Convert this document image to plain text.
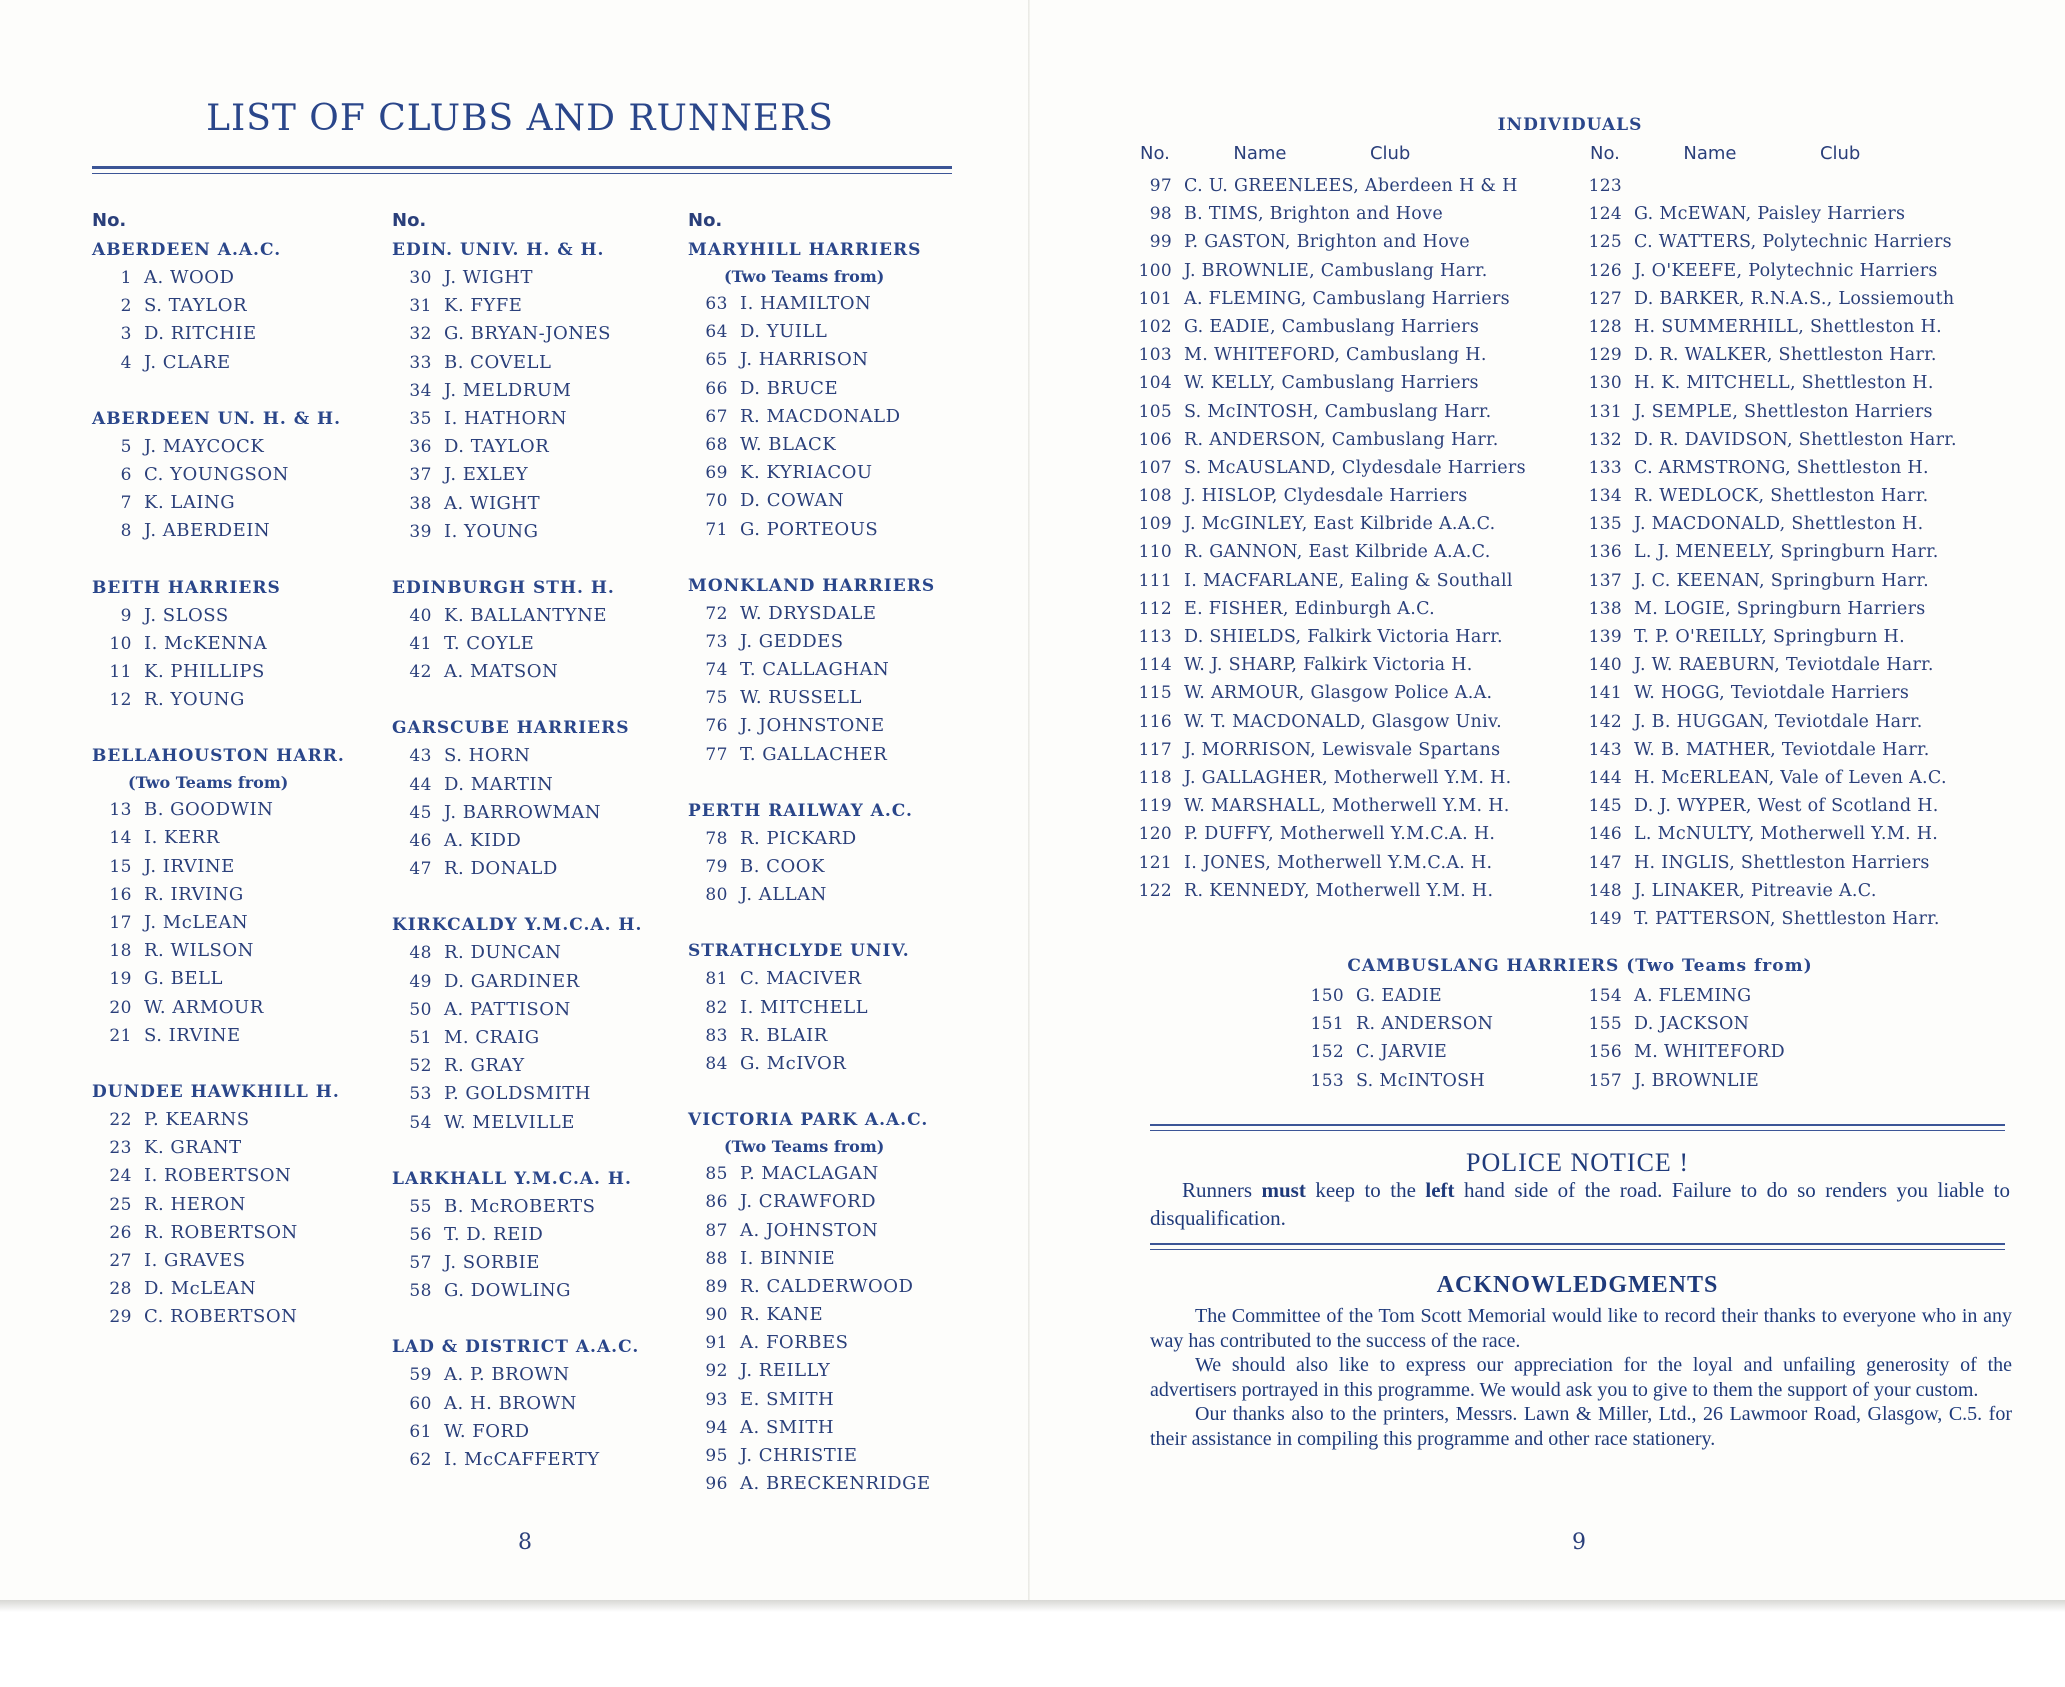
LIST OF CLUBS AND RUNNERS
No.
ABERDEEN A.A.C.
1 A. WOOD
2 S. TAYLOR
3 D. RITCHIE
4 J. CLARE
ABERDEEN UN. H. & H.
5 J. MAYCOCK
6 C. YOUNGSON
7 K. LAING
8 J. ABERDEIN
BEITH HARRIERS
9 J. SLOSS
10 I. McKENNA
11 K. PHILLIPS
12 R. YOUNG
BELLAHOUSTON HARR.
(Two Teams from)
13 B. GOODWIN
14 I. KERR
15 J. IRVINE
16 R. IRVING
17 J. McLEAN
18 R. WILSON
19 G. BELL
20 W. ARMOUR
21 S. IRVINE
DUNDEE HAWKHILL H.
22 P. KEARNS
23 K. GRANT
24 I. ROBERTSON
25 R. HERON
26 R. ROBERTSON
27 I. GRAVES
28 D. McLEAN
29 C. ROBERTSON
No.
EDIN. UNIV. H. & H.
30 J. WIGHT
31 K. FYFE
32 G. BRYAN-JONES
33 B. COVELL
34 J. MELDRUM
35 I. HATHORN
36 D. TAYLOR
37 J. EXLEY
38 A. WIGHT
39 I. YOUNG
EDINBURGH STH. H.
40 K. BALLANTYNE
41 T. COYLE
42 A. MATSON
GARSCUBE HARRIERS
43 S. HORN
44 D. MARTIN
45 J. BARROWMAN
46 A. KIDD
47 R. DONALD
KIRKCALDY Y.M.C.A. H.
48 R. DUNCAN
49 D. GARDINER
50 A. PATTISON
51 M. CRAIG
52 R. GRAY
53 P. GOLDSMITH
54 W. MELVILLE
LARKHALL Y.M.C.A. H.
55 B. McROBERTS
56 T. D. REID
57 J. SORBIE
58 G. DOWLING
LAD & DISTRICT A.A.C.
59 A. P. BROWN
60 A. H. BROWN
61 W. FORD
62 I. McCAFFERTY
No.
MARYHILL HARRIERS
(Two Teams from)
63 I. HAMILTON
64 D. YUILL
65 J. HARRISON
66 D. BRUCE
67 R. MACDONALD
68 W. BLACK
69 K. KYRIACOU
70 D. COWAN
71 G. PORTEOUS
MONKLAND HARRIERS
72 W. DRYSDALE
73 J. GEDDES
74 T. CALLAGHAN
75 W. RUSSELL
76 J. JOHNSTONE
77 T. GALLACHER
PERTH RAILWAY A.C.
78 R. PICKARD
79 B. COOK
80 J. ALLAN
STRATHCLYDE UNIV.
81 C. MACIVER
82 I. MITCHELL
83 R. BLAIR
84 G. McIVOR
VICTORIA PARK A.A.C.
(Two Teams from)
85 P. MACLAGAN
86 J. CRAWFORD
87 A. JOHNSTON
88 I. BINNIE
89 R. CALDERWOOD
90 R. KANE
91 A. FORBES
92 J. REILLY
93 E. SMITH
94 A. SMITH
95 J. CHRISTIE
96 A. BRECKENRIDGE
8
INDIVIDUALS
No.	Name	Club	No.	Name	Club
97 C. U. GREENLEES, Aberdeen H & H
98 B. TIMS, Brighton and Hove
99 P. GASTON, Brighton and Hove
100 J. BROWNLIE, Cambuslang Harr.
101 A. FLEMING, Cambuslang Harriers
102 G. EADIE, Cambuslang Harriers
103 M. WHITEFORD, Cambuslang H.
104 W. KELLY, Cambuslang Harriers
105 S. McINTOSH, Cambuslang Harr.
106 R. ANDERSON, Cambuslang Harr.
107 S. McAUSLAND, Clydesdale Harriers
108 J. HISLOP, Clydesdale Harriers
109 J. McGINLEY, East Kilbride A.A.C.
110 R. GANNON, East Kilbride A.A.C.
111 I. MACFARLANE, Ealing & Southall
112 E. FISHER, Edinburgh A.C.
113 D. SHIELDS, Falkirk Victoria Harr.
114 W. J. SHARP, Falkirk Victoria H.
115 W. ARMOUR, Glasgow Police A.A.
116 W. T. MACDONALD, Glasgow Univ.
117 J. MORRISON, Lewisvale Spartans
118 J. GALLAGHER, Motherwell Y.M. H.
119 W. MARSHALL, Motherwell Y.M. H.
120 P. DUFFY, Motherwell Y.M.C.A. H.
121 I. JONES, Motherwell Y.M.C.A. H.
122 R. KENNEDY, Motherwell Y.M. H.
123
124 G. McEWAN, Paisley Harriers
125 C. WATTERS, Polytechnic Harriers
126 J. O'KEEFE, Polytechnic Harriers
127 D. BARKER, R.N.A.S., Lossiemouth
128 H. SUMMERHILL, Shettleston H.
129 D. R. WALKER, Shettleston Harr.
130 H. K. MITCHELL, Shettleston H.
131 J. SEMPLE, Shettleston Harriers
132 D. R. DAVIDSON, Shettleston Harr.
133 C. ARMSTRONG, Shettleston H.
134 R. WEDLOCK, Shettleston Harr.
135 J. MACDONALD, Shettleston H.
136 L. J. MENEELY, Springburn Harr.
137 J. C. KEENAN, Springburn Harr.
138 M. LOGIE, Springburn Harriers
139 T. P. O'REILLY, Springburn H.
140 J. W. RAEBURN, Teviotdale Harr.
141 W. HOGG, Teviotdale Harriers
142 J. B. HUGGAN, Teviotdale Harr.
143 W. B. MATHER, Teviotdale Harr.
144 H. McERLEAN, Vale of Leven A.C.
145 D. J. WYPER, West of Scotland H.
146 L. McNULTY, Motherwell Y.M. H.
147 H. INGLIS, Shettleston Harriers
148 J. LINAKER, Pitreavie A.C.
149 T. PATTERSON, Shettleston Harr.
CAMBUSLANG HARRIERS (Two Teams from)
150 G. EADIE
151 R. ANDERSON
152 C. JARVIE
153 S. McINTOSH
154 A. FLEMING
155 D. JACKSON
156 M. WHITEFORD
157 J. BROWNLIE
POLICE NOTICE !
Runners must keep to the left hand side of the road. Failure to do so renders you liable to disqualification.
ACKNOWLEDGMENTS

The Committee of the Tom Scott Memorial would like to record their thanks to everyone who in any way has contributed to the success of the race.

We should also like to express our appreciation for the loyal and unfailing generosity of the advertisers portrayed in this programme. We would ask you to give to them the support of your custom.

Our thanks also to the printers, Messrs. Lawn & Miller, Ltd., 26 Lawmoor Road, Glasgow, C.5. for their assistance in compiling this programme and other race stationery.

9
